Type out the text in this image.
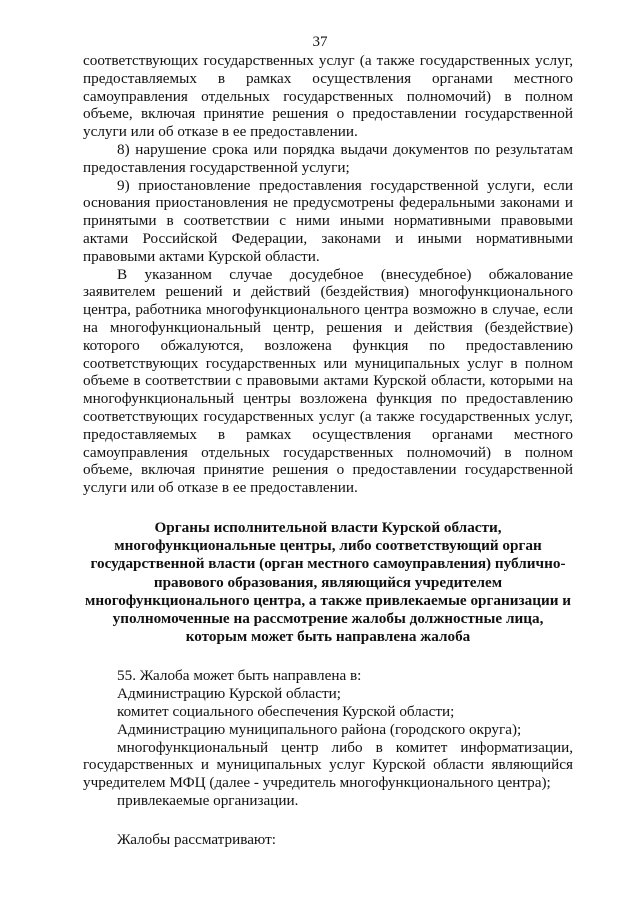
37

соответствующих государственных услуг (а также государственных услуг, предоставляемых в рамках осуществления органами местного самоуправления отдельных государственных полномочий) в полном объеме, включая принятие решения о предоставлении государственной услуги или об отказе в ее предоставлении.

8) нарушение срока или порядка выдачи документов по результатам предоставления государственной услуги;

9) приостановление предоставления государственной услуги, если основания приостановления не предусмотрены федеральными законами и принятыми в соответствии с ними иными нормативными правовыми актами Российской Федерации, законами и иными нормативными правовыми актами Курской области.

В указанном случае досудебное (внесудебное) обжалование заявителем решений и действий (бездействия) многофункционального центра, работника многофункционального центра возможно в случае, если на многофункциональный центр, решения и действия (бездействие) которого обжалуются, возложена функция по предоставлению соответствующих государственных или муниципальных услуг в полном объеме в соответствии с правовыми актами Курской области, которыми на многофункциональный центры возложена функция по предоставлению соответствующих государственных услуг (а также государственных услуг, предоставляемых в рамках осуществления органами местного самоуправления отдельных государственных полномочий) в полном объеме, включая принятие решения о предоставлении государственной услуги или об отказе в ее предоставлении.

Органы исполнительной власти Курской области, многофункциональные центры, либо соответствующий орган государственной власти (орган местного самоуправления) публично-правового образования, являющийся учредителем многофункционального центра, а также привлекаемые организации и уполномоченные на рассмотрение жалобы должностные лица, которым может быть направлена жалоба

55. Жалоба может быть направлена в:

Администрацию Курской области;

комитет социального обеспечения Курской области;

Администрацию муниципального района (городского округа);

многофункциональный центр либо в комитет информатизации, государственных и муниципальных услуг Курской области являющийся учредителем МФЦ (далее - учредитель многофункционального центра);

привлекаемые организации.

Жалобы рассматривают:
